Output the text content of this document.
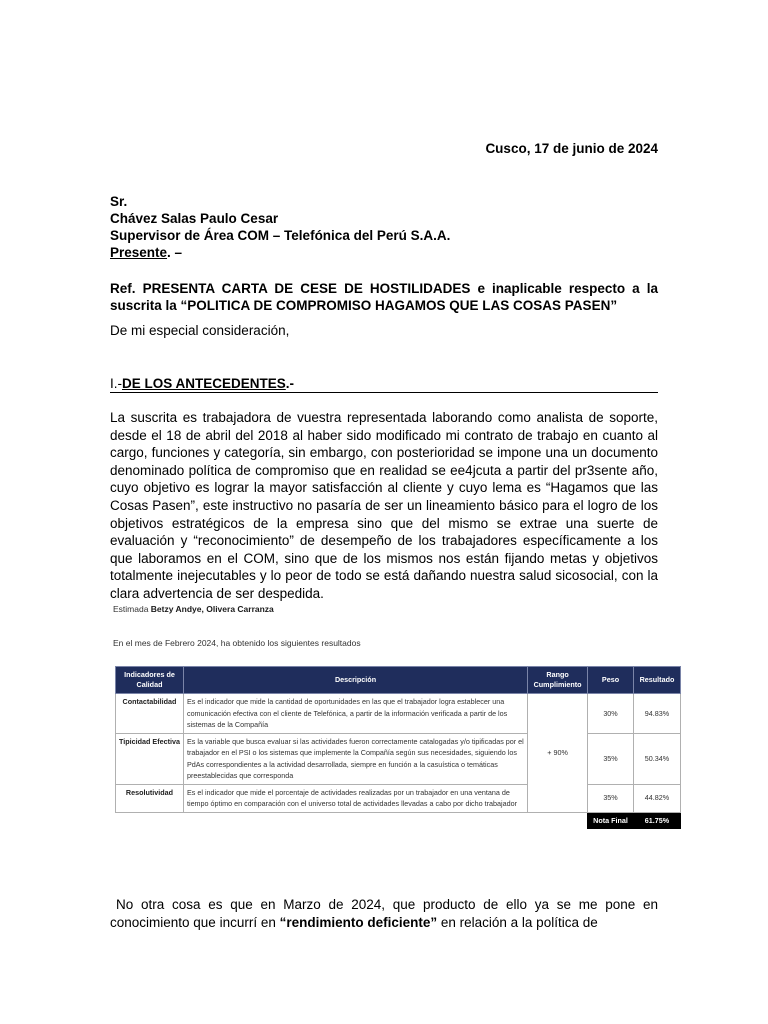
Cusco, 17 de junio de 2024
Sr.
Chávez Salas Paulo Cesar
Supervisor de Área COM – Telefónica del Perú S.A.A.
Presente. –
Ref. PRESENTA CARTA DE CESE DE HOSTILIDADES e inaplicable respecto a la suscrita la “POLITICA DE COMPROMISO HAGAMOS QUE LAS COSAS PASEN”
De mi especial consideración,
I.-DE LOS ANTECEDENTES.-
La suscrita es trabajadora de vuestra representada laborando como analista de soporte, desde el 18 de abril del 2018 al haber sido modificado mi contrato de trabajo en cuanto al cargo, funciones y categoría, sin embargo, con posterioridad se impone una un documento denominado política de compromiso que en realidad se ee4jcuta a partir del pr3sente año, cuyo objetivo es lograr la mayor satisfacción al cliente y cuyo lema es “Hagamos que las Cosas Pasen”, este instructivo no pasaría de ser un lineamiento básico para el logro de los objetivos estratégicos de la empresa sino que del mismo se extrae una suerte de evaluación y “reconocimiento” de desempeño de los trabajadores específicamente a los que laboramos en el COM, sino que de los mismos nos están fijando metas y objetivos totalmente inejecutables y lo peor de todo se está dañando nuestra salud sicosocial, con la clara advertencia de ser despedida.
No otra cosa es que en Marzo de 2024, que producto de ello ya se me pone en conocimiento que incurrí en “rendimiento deficiente” en relación a la política de
Estimada Betzy Andye, Olivera Carranza
En el mes de Febrero 2024, ha obtenido los siguientes resultados
Indicadores de Calidad	Descripción	Rango Cumplimiento	Peso	Resultado
Contactabilidad	Es el indicador que mide la cantidad de oportunidades en las que el trabajador logra establecer una comunicación efectiva con el cliente de Telefónica, a partir de la información verificada a partir de los sistemas de la Compañía	+ 90%	30%	94.83%
Tipicidad Efectiva	Es la variable que busca evaluar si las actividades fueron correctamente catalogadas y/o tipificadas por el trabajador en el PSI o los sistemas que implemente la Compañía según sus necesidades, siguiendo los PdAs correspondientes a la actividad desarrollada, siempre en función a la casuística o temáticas preestablecidas que corresponda		35%	50.34%
Resolutividad	Es el indicador que mide el porcentaje de actividades realizadas por un trabajador en una ventana de tiempo óptimo en comparación con el universo total de actividades llevadas a cabo por dicho trabajador		35%	44.82%
			Nota Final	61.75%
